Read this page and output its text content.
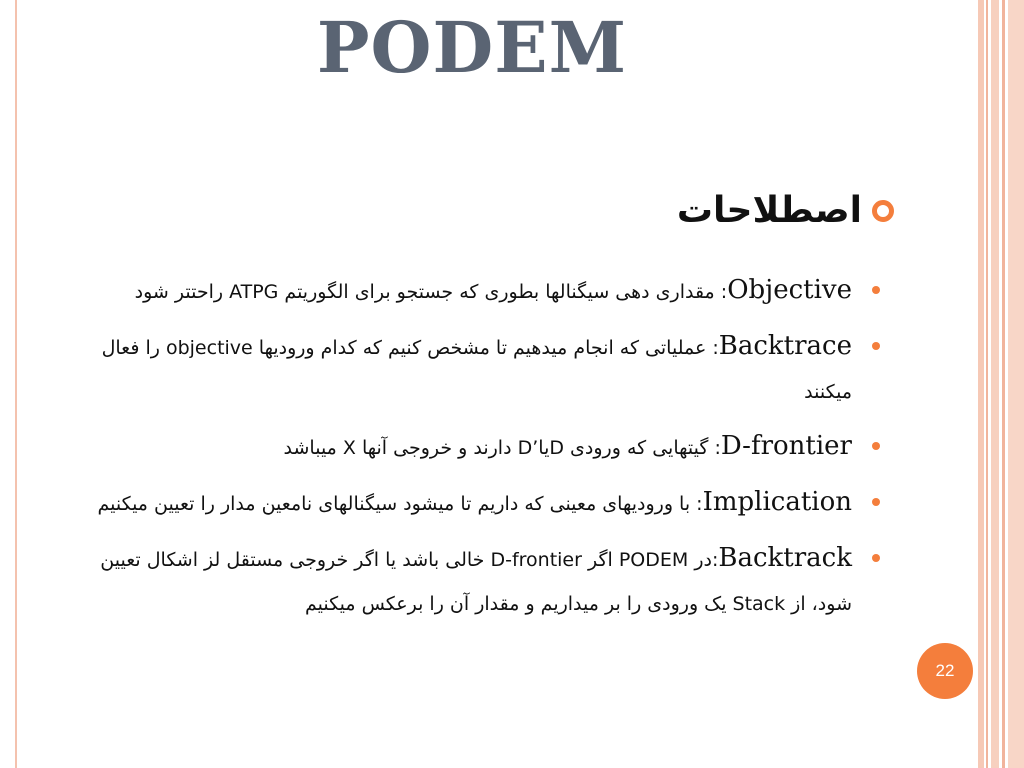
PODEM
اصطلاحات
Objective: مقداری دهی سیگنالها بطوری که جستجو برای الگوریتم ATPG راحتتر شود
Backtrace: عملیاتی که انجام میدهیم تا مشخص کنیم که کدام ورودیها objective را فعال میکنند
D-frontier: گیتهایی که ورودی Dیا’D دارند و خروجی آنها X میباشد
Implication: با ورودیهای معینی که داریم تا میشود سیگنالهای نامعین مدار را تعیین میکنیم
Backtrack:در PODEM اگر D-frontier خالی باشد یا اگر خروجی مستقل لز اشکال تعیین شود، از Stack یک ورودی را بر میداریم و مقدار آن را برعکس میکنیم
22
